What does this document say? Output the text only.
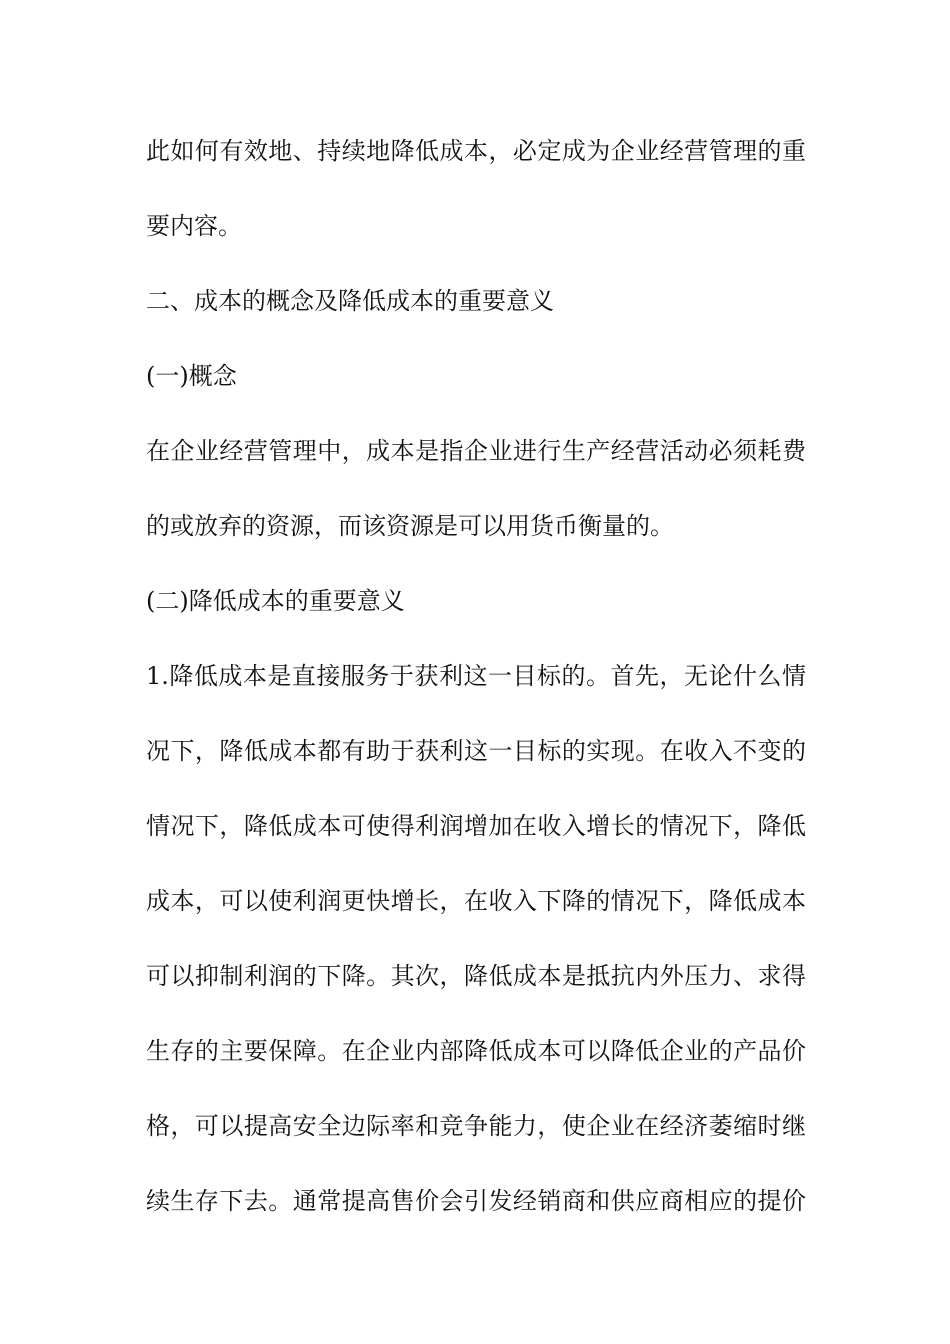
此如何有效地、持续地降低成本，必定成为企业经营管理的重
要内容。
二、成本的概念及降低成本的重要意义
(一)概念
在企业经营管理中，成本是指企业进行生产经营活动必须耗费
的或放弃的资源，而该资源是可以用货币衡量的。
(二)降低成本的重要意义
1.降低成本是直接服务于获利这一目标的。首先，无论什么情
况下，降低成本都有助于获利这一目标的实现。在收入不变的
情况下，降低成本可使得利润增加在收入增长的情况下，降低
成本，可以使利润更快增长，在收入下降的情况下，降低成本
可以抑制利润的下降。其次，降低成本是抵抗内外压力、求得
生存的主要保障。在企业内部降低成本可以降低企业的产品价
格，可以提高安全边际率和竞争能力，使企业在经济萎缩时继
续生存下去。通常提高售价会引发经销商和供应商相应的提价
